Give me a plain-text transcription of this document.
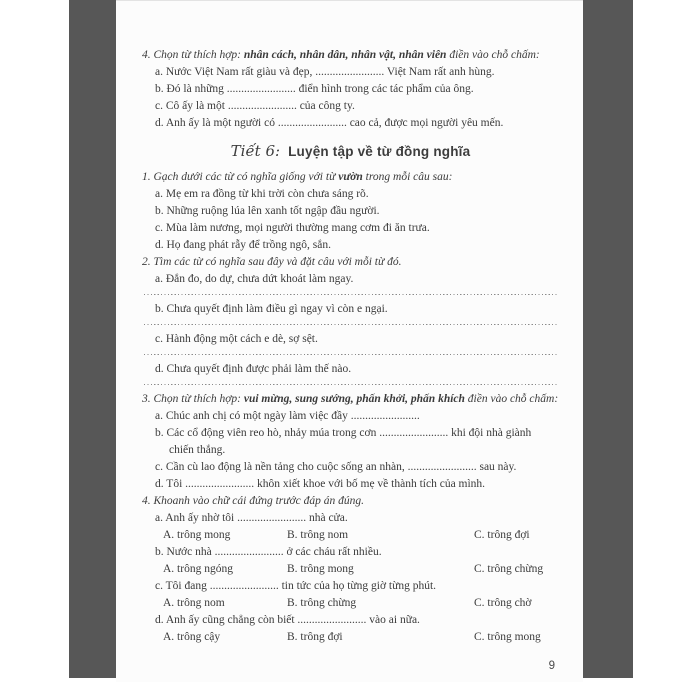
4. Chọn từ thích hợp: nhân cách, nhân dân, nhân vật, nhân viên điền vào chỗ chấm:

a. Nước Việt Nam rất giàu và đẹp, ........................ Việt Nam rất anh hùng.

b. Đó là những ........................ điển hình trong các tác phẩm của ông.

c. Cô ấy là một ........................ của công ty.

d. Anh ấy là một người có ........................ cao cả, được mọi người yêu mến.

Tiết 6: Luyện tập về từ đồng nghĩa

1. Gạch dưới các từ có nghĩa giống với từ vườn trong mỗi câu sau:

a. Mẹ em ra đồng từ khi trời còn chưa sáng rõ.

b. Những ruộng lúa lên xanh tốt ngập đầu người.

c. Mùa làm nương, mọi người thường mang cơm đi ăn trưa.

d. Họ đang phát rẫy để trồng ngô, sắn.

2. Tìm các từ có nghĩa sau đây và đặt câu với mỗi từ đó.

a. Đắn đo, do dự, chưa dứt khoát làm ngay.

b. Chưa quyết định làm điều gì ngay vì còn e ngại.

c. Hành động một cách e dè, sợ sệt.

d. Chưa quyết định được phải làm thế nào.

3. Chọn từ thích hợp: vui mừng, sung sướng, phấn khởi, phấn khích điền vào chỗ chấm:

a. Chúc anh chị có một ngày làm việc đầy ........................

b. Các cổ động viên reo hò, nhảy múa trong cơn ........................ khi đội nhà giành chiến thắng.

c. Cần cù lao động là nền tảng cho cuộc sống an nhàn, ........................ sau này.

d. Tôi ........................ khôn xiết khoe với bố mẹ về thành tích của mình.

4. Khoanh vào chữ cái đứng trước đáp án đúng.

a. Anh ấy nhờ tôi ........................ nhà cửa.

A. trông mong	B. trông nom	C. trông đợi

b. Nước nhà ........................ ở các cháu rất nhiều.

A. trông ngóng	B. trông mong	C. trông chừng

c. Tôi đang ........................ tin tức của họ từng giờ từng phút.

A. trông nom	B. trông chừng	C. trông chờ

d. Anh ấy cũng chẳng còn biết ........................ vào ai nữa.

A. trông cậy	B. trông đợi	C. trông mong
9
